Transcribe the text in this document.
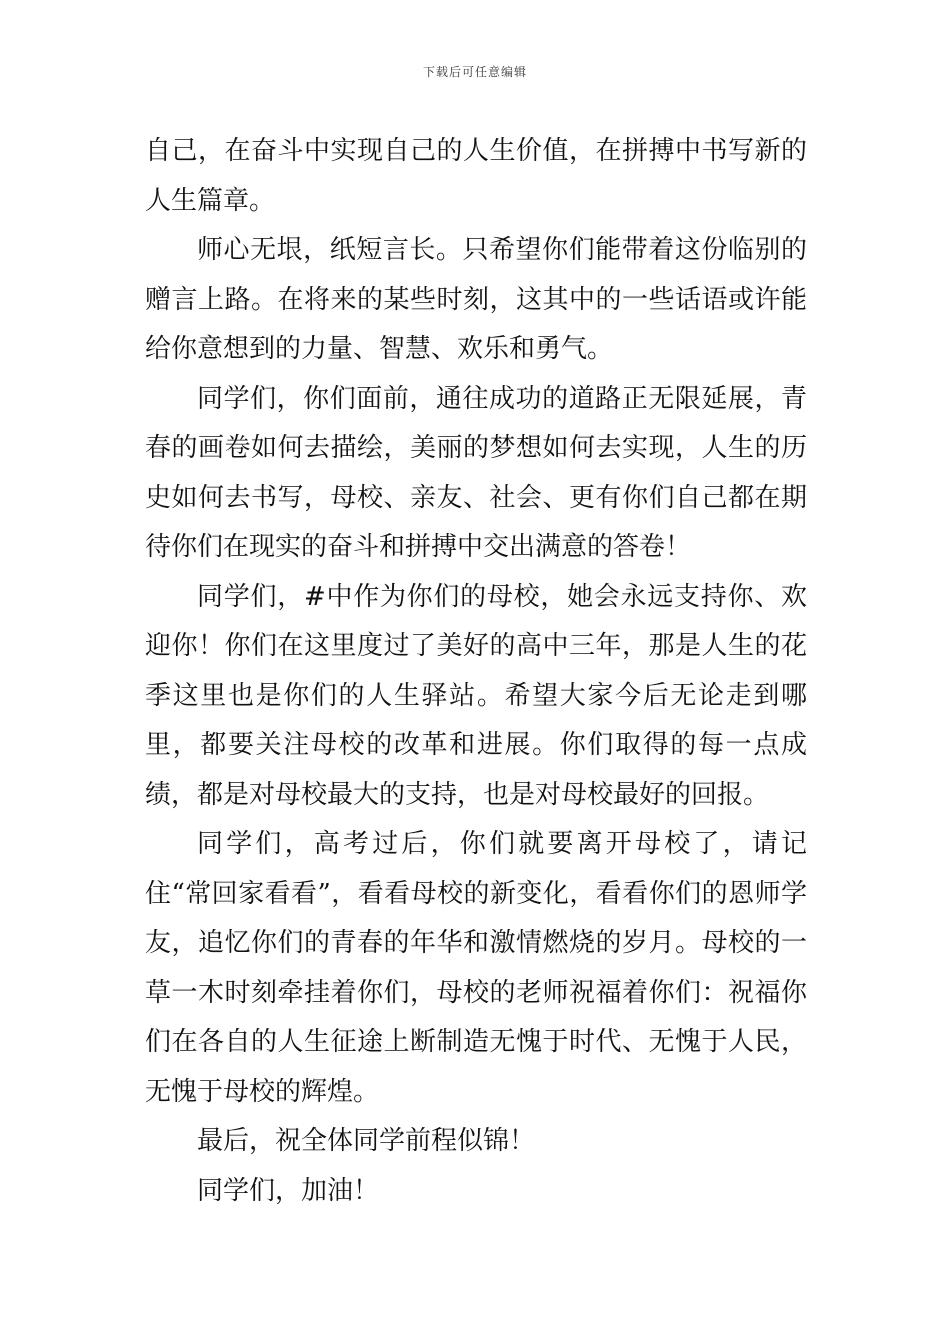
下载后可任意编辑

自己，在奋斗中实现自己的人生价值，在拼搏中书写新的人生篇章。

师心无垠，纸短言长。只希望你们能带着这份临别的赠言上路。在将来的某些时刻，这其中的一些话语或许能给你意想到的力量、智慧、欢乐和勇气。

同学们，你们面前，通往成功的道路正无限延展，青春的画卷如何去描绘，美丽的梦想如何去实现，人生的历史如何去书写，母校、亲友、社会、更有你们自己都在期待你们在现实的奋斗和拼搏中交出满意的答卷！

同学们，#中作为你们的母校，她会永远支持你、欢迎你！你们在这里度过了美好的高中三年，那是人生的花季这里也是你们的人生驿站。希望大家今后无论走到哪里，都要关注母校的改革和进展。你们取得的每一点成绩，都是对母校最大的支持，也是对母校最好的回报。

同学们，高考过后，你们就要离开母校了，请记住“常回家看看”，看看母校的新变化，看看你们的恩师学友，追忆你们的青春的年华和激情燃烧的岁月。母校的一草一木时刻牵挂着你们，母校的老师祝福着你们：祝福你们在各自的人生征途上断制造无愧于时代、无愧于人民，无愧于母校的辉煌。

最后，祝全体同学前程似锦！

同学们，加油！
